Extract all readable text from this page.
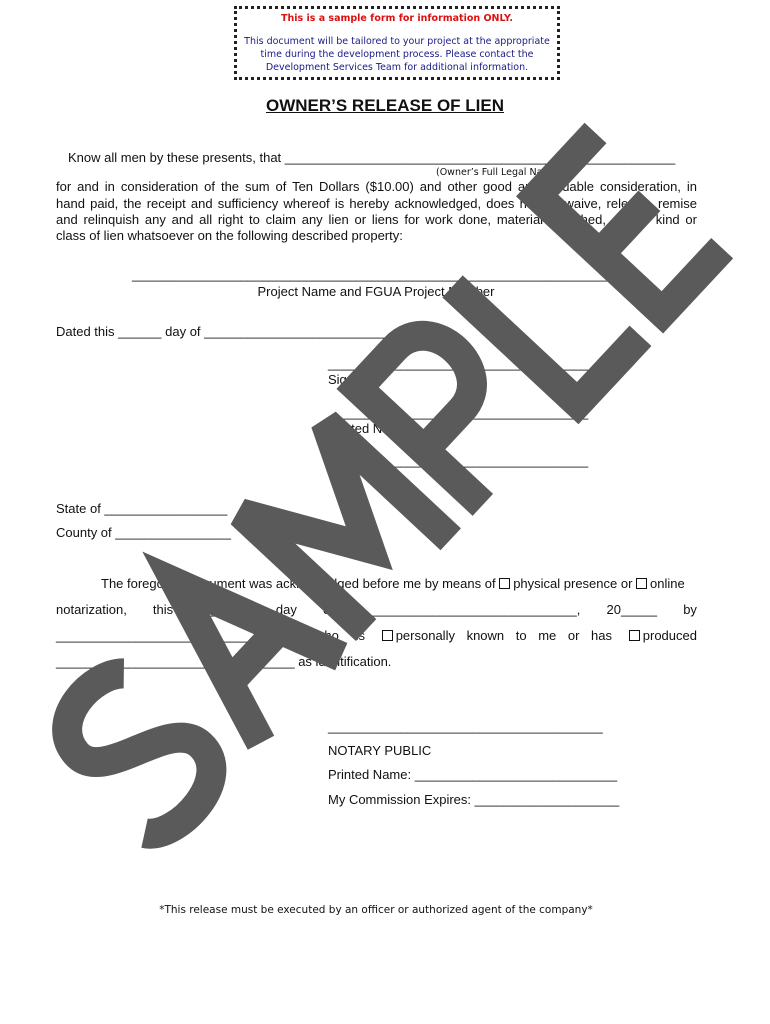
This is a sample form for information ONLY.
This document will be tailored to your project at the appropriate time during the development process. Please contact the Development Services Team for additional information.
OWNER’S RELEASE OF LIEN
Know all men by these presents, that ______________________________________________________
(Owner’s Full Legal Name)
for and in consideration of the sum of Ten Dollars ($10.00) and other good and valuable consideration, in
hand paid, the receipt and sufficiency whereof is hereby acknowledged, does hereby waive, release, remise
and relinquish any and all right to claim any lien or liens for work done, material furnished, or any kind or
class of lien whatsoever on the following described property:
____________________________________________________________________
Project Name and FGUA Project Number
Dated this ______ day of __________________________, 20_____.
____________________________________
Signature
____________________________________
Printed Name
____________________________________
Title
State of _________________
County of ________________
The foregoing instrument was acknowledged before me by means of physical presence or online
notarization, this _______ day of ______________________________, 20_____ by
_________________________________, who is	personally known to me or has	produced
_________________________________ as identification.
______________________________________
NOTARY PUBLIC
Printed Name: ____________________________
My Commission Expires: ____________________
*This release must be executed by an officer or authorized agent of the company*
